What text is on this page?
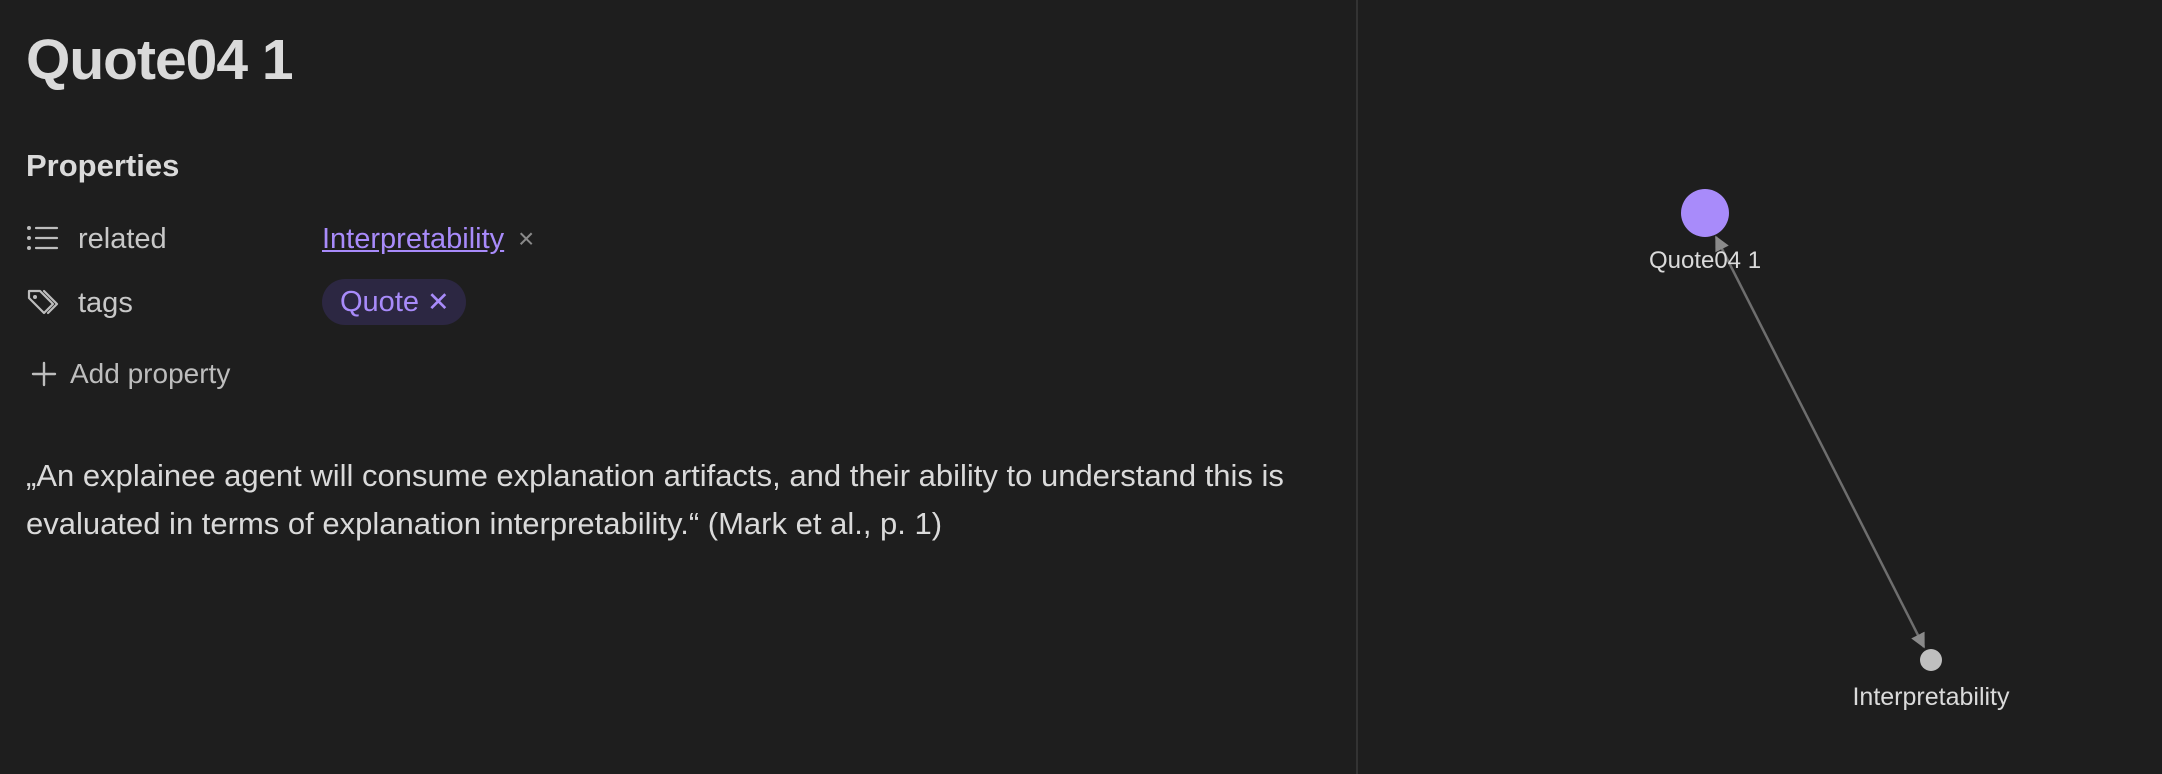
Quote04 1
Properties
related	Interpretability ×
tags	Quote ✕
Add property

„An explainee agent will consume explanation artifacts, and their ability to understand this is evaluated in terms of explanation interpretability.“ (Mark et al., p. 1)

Quote04 1
Interpretability
